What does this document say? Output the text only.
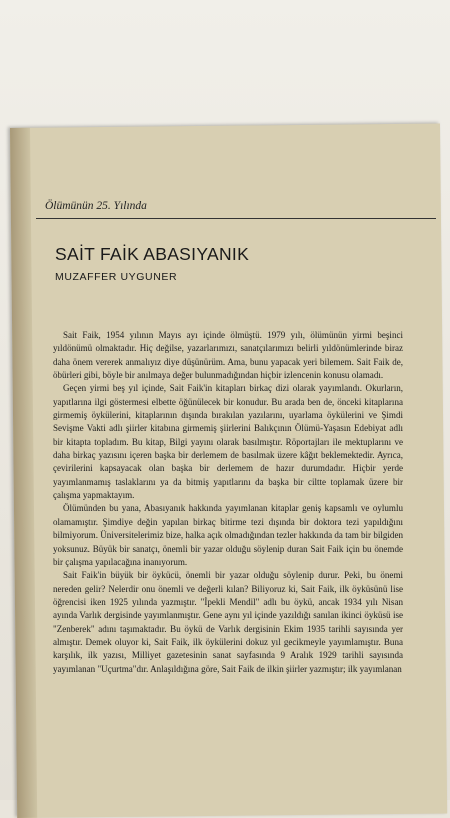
Ölümünün 25. Yılında
SAİT FAİK ABASIYANIK
MUZAFFER UYGUNER

Sait Faik, 1954 yılının Mayıs ayı içinde ölmüştü. 1979 yılı, ölümünün yirmi beşinci yıldönümü olmaktadır. Hiç değilse, yazarlarımızı, sanatçılarımızı belirli yıldönümlerinde biraz daha önem vererek anmalıyız diye düşünürüm. Ama, bunu yapacak yeri bilemem. Sait Faik de, öbürleri gibi, böyle bir anılmaya değer bulunmadığından hiçbir izlencenin konusu olamadı.

Geçen yirmi beş yıl içinde, Sait Faik'in kitapları birkaç dizi olarak yayımlandı. Okurların, yapıtlarına ilgi göstermesi elbette öğünülecek bir konudur. Bu arada ben de, önceki kitaplarına girmemiş öykülerini, kitaplarının dışında bırakılan yazılarını, uyarlama öykülerini ve Şimdi Sevişme Vakti adlı şiirler kitabına girmemiş şiirlerini Balıkçının Ölümü-Yaşasın Edebiyat adlı bir kitapta topladım. Bu kitap, Bilgi yayını olarak basılmıştır. Röportajları ile mektuplarını ve daha birkaç yazısını içeren başka bir derlemem de basılmak üzere kâğıt beklemektedir. Ayrıca, çevirilerini kapsayacak olan başka bir derlemem de hazır durumdadır. Hiçbir yerde yayımlanmamış taslaklarını ya da bitmiş yapıtlarını da başka bir ciltte toplamak üzere bir çalışma yapmaktayım.

Ölümünden bu yana, Abasıyanık hakkında yayımlanan kitaplar geniş kapsamlı ve oylumlu olamamıştır. Şimdiye değin yapılan birkaç bitirme tezi dışında bir doktora tezi yapıldığını bilmiyorum. Üniversitelerimiz bize, halka açık olmadığından tezler hakkında da tam bir bilgiden yoksunuz. Büyük bir sanatçı, önemli bir yazar olduğu söylenip duran Sait Faik için bu önemde bir çalışma yapılacağına inanıyorum.

Sait Faik'in büyük bir öykücü, önemli bir yazar olduğu söylenip durur. Peki, bu önemi nereden gelir? Nelerdir onu önemli ve değerli kılan? Biliyoruz ki, Sait Faik, ilk öyküsünü lise öğrencisi iken 1925 yılında yazmıştır. "İpekli Mendil" adlı bu öykü, ancak 1934 yılı Nisan ayında Varlık dergisinde yayımlanmıştır. Gene aynı yıl içinde yazıldığı sanılan ikinci öyküsü ise "Zenberek" adını taşımaktadır. Bu öykü de Varlık dergisinin Ekim 1935 tarihli sayısında yer almıştır. Demek oluyor ki, Sait Faik, ilk öykülerini dokuz yıl gecikmeyle yayımlamıştır. Buna karşılık, ilk yazısı, Milliyet gazetesinin sanat sayfasında 9 Aralık 1929 tarihli sayısında yayımlanan "Uçurtma"dır. Anlaşıldığına göre, Sait Faik de ilkin şiirler yazmıştır; ilk yayımlanan
